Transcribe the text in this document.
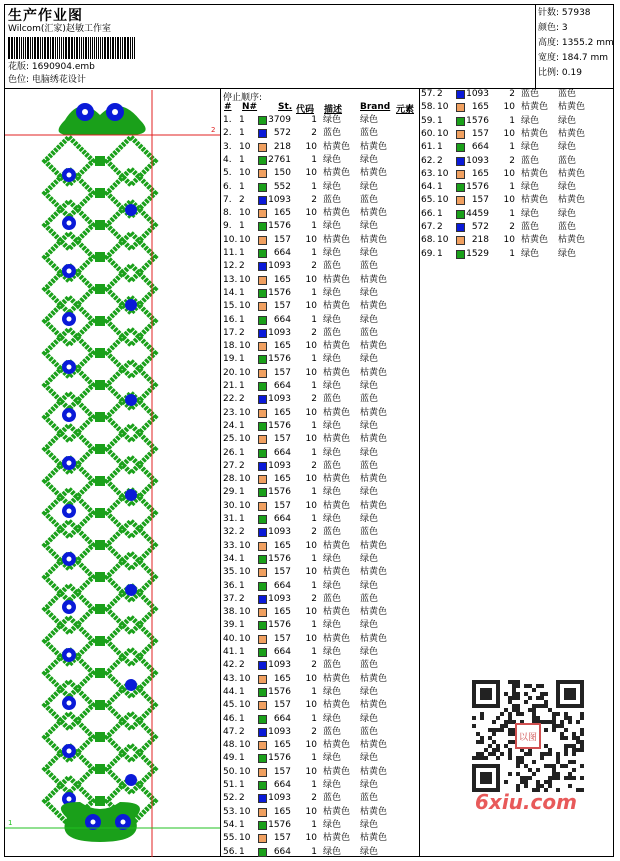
生产作业图
Wilcom(汇家)赵敏工作室
花版: 1690904.emb
色位: 电脑绣花设计
针数: 57938
颜色: 3
高度: 1355.2 mm
宽度: 184.7 mm
比例: 0.19
2
1
停止顺序:
# N# St. 代码 描述 Brand 元素
1. 1	3709	1 绿色 绿色
2. 1	572	2 蓝色 蓝色
3. 10	218	10 枯黄色 枯黄色
4. 1	2761	1 绿色 绿色
5. 10	150	10 枯黄色 枯黄色
6. 1	552	1 绿色 绿色
7. 2	1093	2 蓝色 蓝色
8. 10	165	10 枯黄色 枯黄色
9. 1	1576	1 绿色 绿色
10. 10	157	10 枯黄色 枯黄色
11. 1	664	1 绿色 绿色
12. 2	1093	2 蓝色 蓝色
13. 10	165	10 枯黄色 枯黄色
14. 1	1576	1 绿色 绿色
15. 10	157	10 枯黄色 枯黄色
16. 1	664	1 绿色 绿色
17. 2	1093	2 蓝色 蓝色
18. 10	165	10 枯黄色 枯黄色
19. 1	1576	1 绿色 绿色
20. 10	157	10 枯黄色 枯黄色
21. 1	664	1 绿色 绿色
22. 2	1093	2 蓝色 蓝色
23. 10	165	10 枯黄色 枯黄色
24. 1	1576	1 绿色 绿色
25. 10	157	10 枯黄色 枯黄色
26. 1	664	1 绿色 绿色
27. 2	1093	2 蓝色 蓝色
28. 10	165	10 枯黄色 枯黄色
29. 1	1576	1 绿色 绿色
30. 10	157	10 枯黄色 枯黄色
31. 1	664	1 绿色 绿色
32. 2	1093	2 蓝色 蓝色
33. 10	165	10 枯黄色 枯黄色
34. 1	1576	1 绿色 绿色
35. 10	157	10 枯黄色 枯黄色
36. 1	664	1 绿色 绿色
37. 2	1093	2 蓝色 蓝色
38. 10	165	10 枯黄色 枯黄色
39. 1	1576	1 绿色 绿色
40. 10	157	10 枯黄色 枯黄色
41. 1	664	1 绿色 绿色
42. 2	1093	2 蓝色 蓝色
43. 10	165	10 枯黄色 枯黄色
44. 1	1576	1 绿色 绿色
45. 10	157	10 枯黄色 枯黄色
46. 1	664	1 绿色 绿色
47. 2	1093	2 蓝色 蓝色
48. 10	165	10 枯黄色 枯黄色
49. 1	1576	1 绿色 绿色
50. 10	157	10 枯黄色 枯黄色
51. 1	664	1 绿色 绿色
52. 2	1093	2 蓝色 蓝色
53. 10	165	10 枯黄色 枯黄色
54. 1	1576	1 绿色 绿色
55. 10	157	10 枯黄色 枯黄色
56. 1	664	1 绿色 绿色
57. 2	1093	2 蓝色 蓝色
58. 10	165	10 枯黄色 枯黄色
59. 1	1576	1 绿色 绿色
60. 10	157	10 枯黄色 枯黄色
61. 1	664	1 绿色 绿色
62. 2	1093	2 蓝色 蓝色
63. 10	165	10 枯黄色 枯黄色
64. 1	1576	1 绿色 绿色
65. 10	157	10 枯黄色 枯黄色
66. 1	4459	1 绿色 绿色
67. 2	572	2 蓝色 蓝色
68. 10	218	10 枯黄色 枯黄色
69. 1	1529	1 绿色 绿色
以图
6xiu.com
